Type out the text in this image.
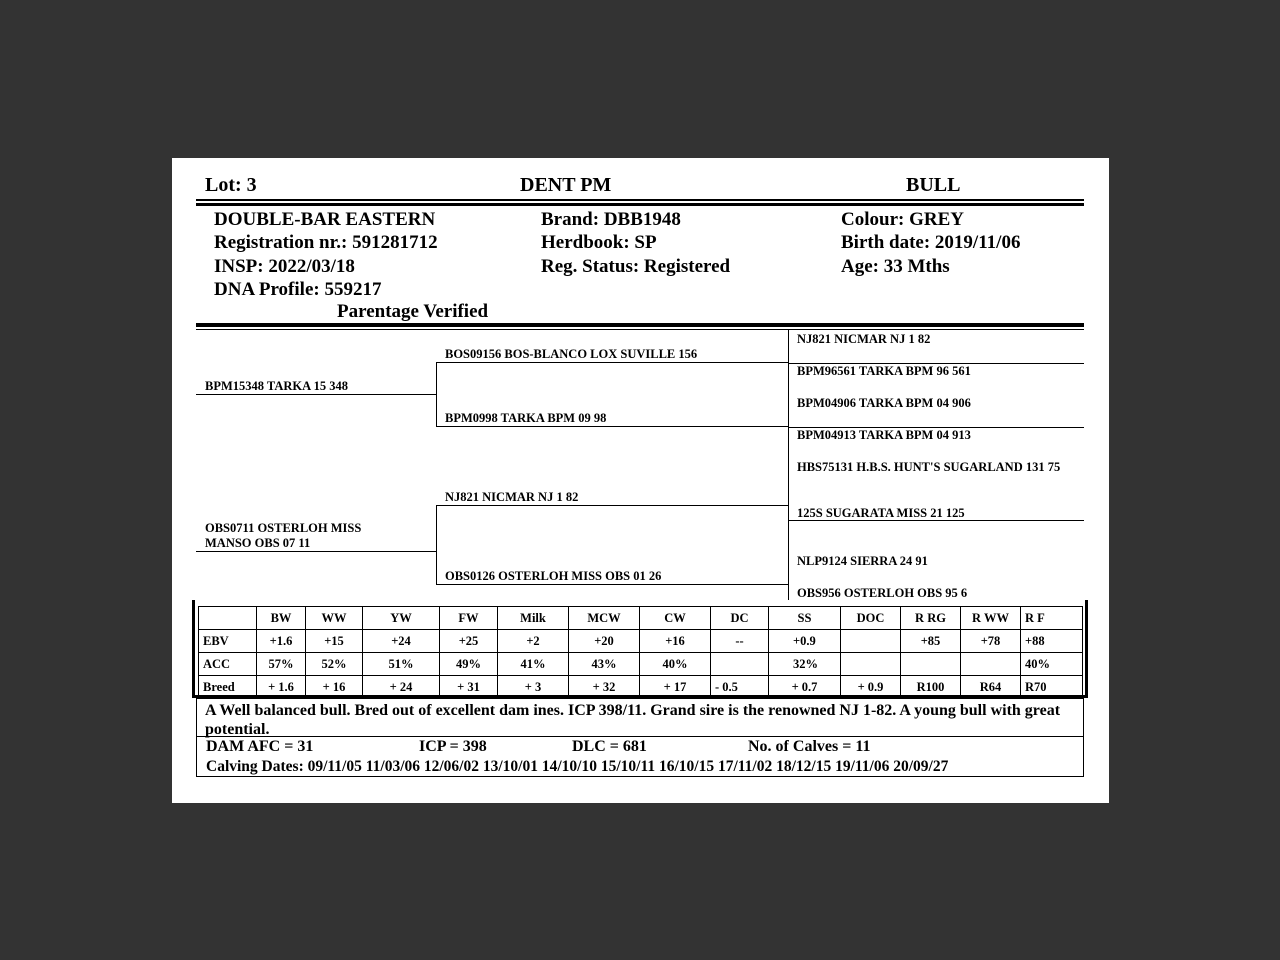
Lot: 3	DENT PM	BULL
DOUBLE-BAR EASTERN
Registration nr.: 591281712
INSP: 2022/03/18
DNA Profile: 559217
Parentage Verified
Brand: DBB1948
Herdbook: SP
Reg. Status: Registered
Colour: GREY
Birth date: 2019/11/06
Age: 33 Mths
BPM15348 TARKA 15 348
OBS0711 OSTERLOH MISS MANSO OBS 07 11
BOS09156 BOS-BLANCO LOX SUVILLE 156
BPM0998 TARKA BPM 09 98
NJ821 NICMAR NJ 1 82
OBS0126 OSTERLOH MISS OBS 01 26
NJ821 NICMAR NJ 1 82
BPM96561 TARKA BPM 96 561
BPM04906 TARKA BPM 04 906
BPM04913 TARKA BPM 04 913
HBS75131 H.B.S. HUNT'S SUGARLAND 131 75
125S SUGARATA MISS 21 125
NLP9124 SIERRA 24 91
OBS956 OSTERLOH OBS 95 6
	BW	WW	YW	FW	Milk	MCW	CW	DC	SS	DOC	R RG	R WW	R F
EBV	+1.6	+15	+24	+25	+2	+20	+16	--	+0.9		+85	+78	+88
ACC	57%	52%	51%	49%	41%	43%	40%		32%				40%
Breed	+ 1.6	+ 16	+ 24	+ 31	+ 3	+ 32	+ 17	- 0.5	+ 0.7	+ 0.9	R100	R64	R70
A Well balanced bull. Bred out of excellent dam ines. ICP 398/11. Grand sire is the renowned NJ 1-82. A young bull with great potential.
DAM AFC = 31	ICP = 398	DLC = 681	No. of Calves = 11
Calving Dates: 09/11/05 11/03/06 12/06/02 13/10/01 14/10/10 15/10/11 16/10/15 17/11/02 18/12/15 19/11/06 20/09/27
